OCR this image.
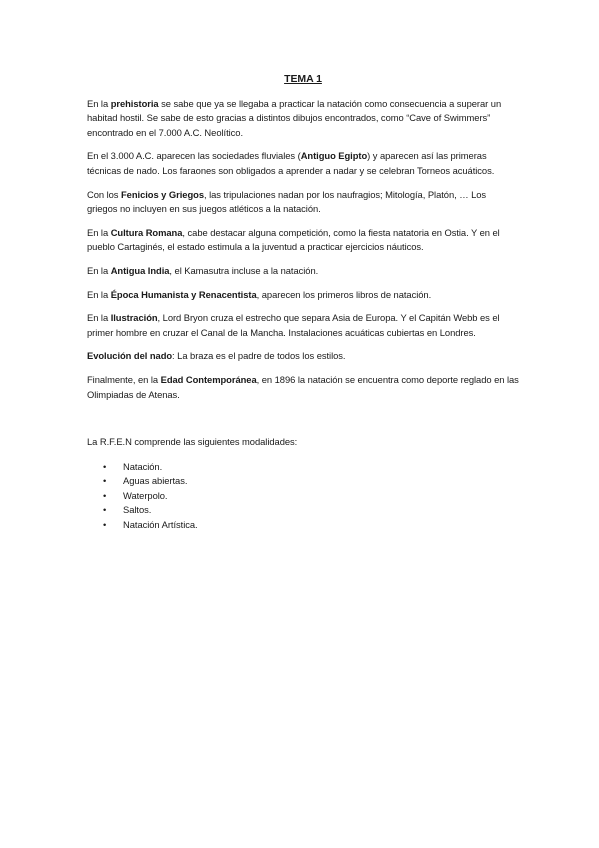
TEMA 1

En la prehistoria se sabe que ya se llegaba a practicar la natación como consecuencia a superar un habitad hostil. Se sabe de esto gracias a distintos dibujos encontrados, como “Cave of Swimmers” encontrado en el 7.000 A.C. Neolítico.

En el 3.000 A.C. aparecen las sociedades fluviales (Antiguo Egipto) y aparecen así las primeras técnicas de nado. Los faraones son obligados a aprender a nadar y se celebran Torneos acuáticos.

Con los Fenicios y Griegos, las tripulaciones nadan por los naufragios; Mitología, Platón, … Los griegos no incluyen en sus juegos atléticos a la natación.

En la Cultura Romana, cabe destacar alguna competición, como la fiesta natatoria en Ostia. Y en el pueblo Cartaginés, el estado estimula a la juventud a practicar ejercicios náuticos.

En la Antigua India, el Kamasutra incluse a la natación.

En la Época Humanista y Renacentista, aparecen los primeros libros de natación.

En la Ilustración, Lord Bryon cruza el estrecho que separa Asia de Europa. Y el Capitán Webb es el primer hombre en cruzar el Canal de la Mancha. Instalaciones acuáticas cubiertas en Londres.

Evolución del nado: La braza es el padre de todos los estilos.

Finalmente, en la Edad Contemporánea, en 1896 la natación se encuentra como deporte reglado en las Olimpiadas de Atenas.

La R.F.E.N comprende las siguientes modalidades:

• Natación.
• Aguas abiertas.
• Waterpolo.
• Saltos.
• Natación Artística.
